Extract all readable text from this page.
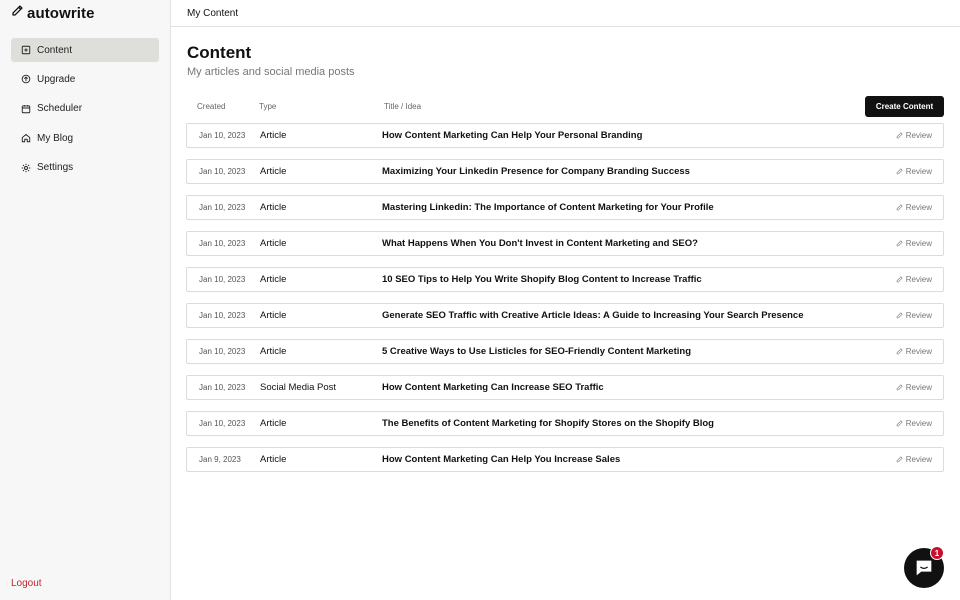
autowrite
Content
Upgrade
Scheduler
My Blog
Settings
Logout
My Content
Content
My articles and social media posts
Created	Type	Title / Idea	Create Content
Jan 10, 2023 Article	How Content Marketing Can Help Your Personal Branding	Review
Jan 10, 2023 Article	Maximizing Your Linkedin Presence for Company Branding Success	Review
Jan 10, 2023 Article	Mastering Linkedin: The Importance of Content Marketing for Your Profile	Review
Jan 10, 2023 Article	What Happens When You Don't Invest in Content Marketing and SEO?	Review
Jan 10, 2023 Article	10 SEO Tips to Help You Write Shopify Blog Content to Increase Traffic	Review
Jan 10, 2023 Article	Generate SEO Traffic with Creative Article Ideas: A Guide to Increasing Your Search Presence	Review
Jan 10, 2023 Article	5 Creative Ways to Use Listicles for SEO-Friendly Content Marketing	Review
Jan 10, 2023 Social Media Post	How Content Marketing Can Increase SEO Traffic	Review
Jan 10, 2023 Article	The Benefits of Content Marketing for Shopify Stores on the Shopify Blog	Review
Jan 9, 2023 Article	How Content Marketing Can Help You Increase Sales	Review
1
